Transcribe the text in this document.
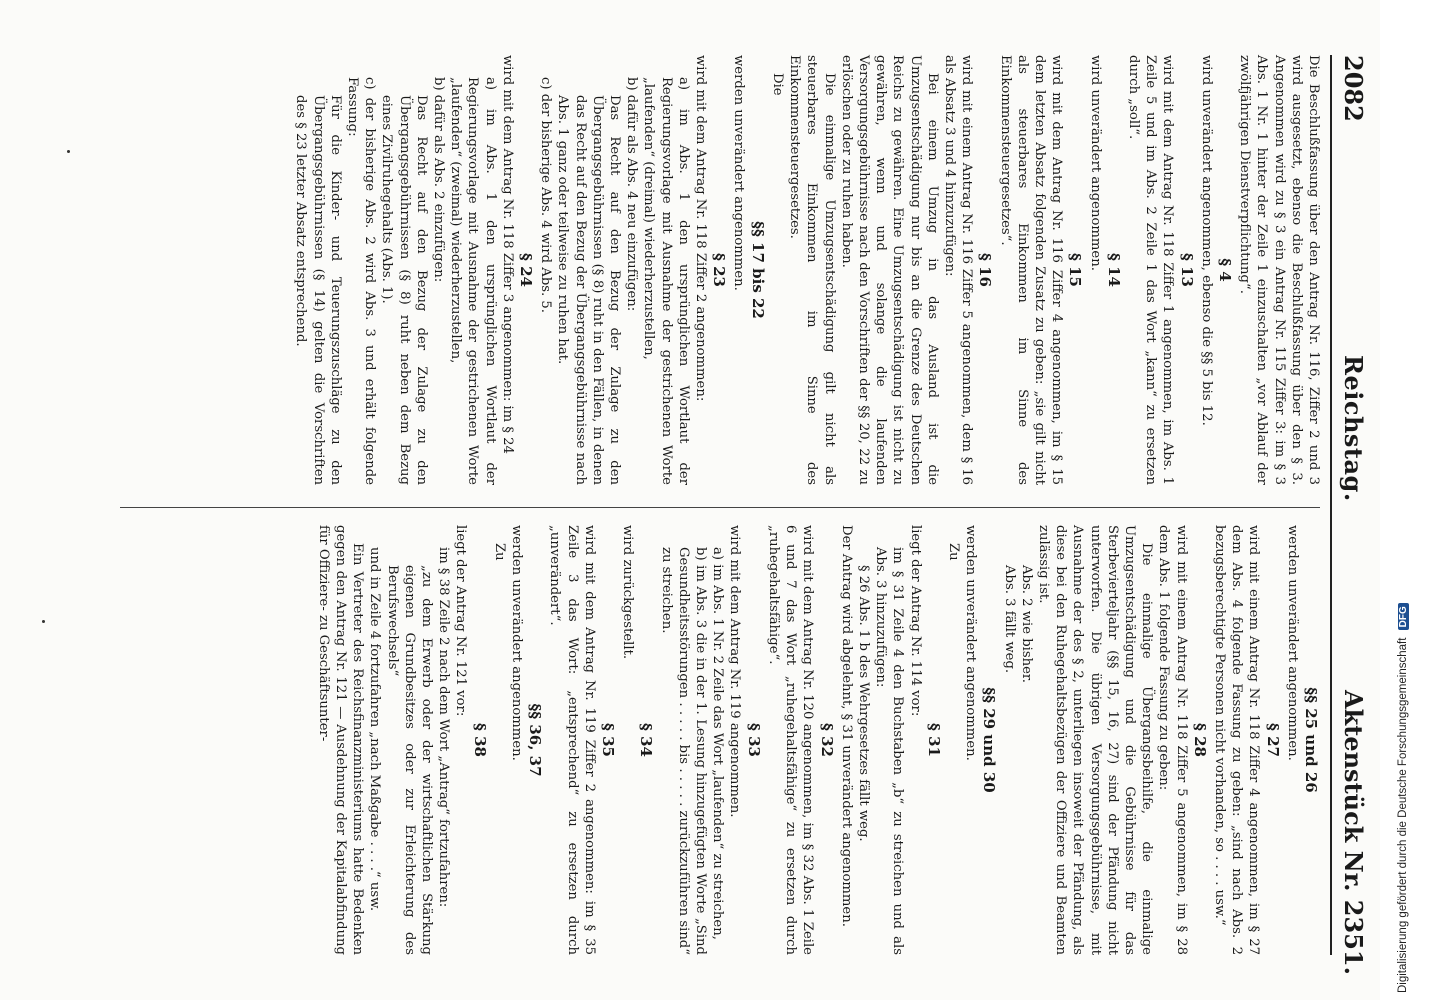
2082
Reichstag.
Aktenstück Nr. 2351.

Die Beschlußfassung über den Antrag Nr. 116, Ziffer 2 und 3 wird ausgesetzt, ebenso die Beschlußfassung über den § 3. Angenommen wird zu § 3 ein Antrag Nr. 115 Ziffer 3: im § 3 Abs. 1 Nr. 1 hinter der Zeile 1 einzuschalten „vor Ablauf der zwölfjährigen Dienstverpflichtung“.

§ 4

wird unverändert angenommen, ebenso die §§ 5 bis 12.

§ 13

wird mit dem Antrag Nr. 118 Ziffer 1 angenommen, im Abs. 1 Zeile 5 und im Abs. 2 Zeile 1 das Wort „kann“ zu ersetzen durch „soll“.

§ 14

wird unverändert angenommen.

§ 15

wird mit dem Antrag Nr. 116 Ziffer 4 angenommen, im § 15 dem letzten Absatz folgenden Zusatz zu geben: „sie gilt nicht als steuerbares Einkommen im Sinne des Einkommensteuergesetzes“.

§ 16

wird mit einem Antrag Nr. 116 Ziffer 5 angenommen, dem § 16 als Absatz 3 und 4 hinzuzufügen:

Bei einem Umzug in das Ausland ist die Umzugsentschädigung nur bis an die Grenze des Deutschen Reichs zu gewähren. Eine Umzugsentschädigung ist nicht zu gewähren, wenn und solange die laufenden Versorgungsgebührnisse nach den Vorschriften der §§ 20, 22 zu erlöschen oder zu ruhen haben.

Die einmalige Umzugsentschädigung gilt nicht als steuerbares Einkommen im Sinne des Einkommensteuergesetzes.

Die

§§ 17 bis 22

werden unverändert angenommen.

§ 23

wird mit dem Antrag Nr. 118 Ziffer 2 angenommen:

a) im Abs. 1 den ursprünglichen Wortlaut der Regierungsvorlage mit Ausnahme der gestrichenen Worte „laufenden“ (dreimal) wiederherzustellen,

b) dafür als Abs. 4 neu einzufügen:

Das Recht auf den Bezug der Zulage zu den Übergangsgebührnissen (§ 8) ruht in den Fällen, in denen das Recht auf den Bezug der Übergangsgebührnisse nach Abs. 1 ganz oder teilweise zu ruhen hat.

c) der bisherige Abs. 4 wird Abs. 5.

§ 24

wird mit dem Antrag Nr. 118 Ziffer 3 angenommen: im § 24

a) im Abs. 1 den ursprünglichen Wortlaut der Regierungsvorlage mit Ausnahme der gestrichenen Worte „laufenden“ (zweimal) wiederherzustellen,

b) dafür als Abs. 2 einzufügen:

Das Recht auf den Bezug der Zulage zu den Übergangsgebührnissen (§ 8) ruht neben dem Bezug eines Zivilruhegehalts (Abs. 1).

c) der bisherige Abs. 2 wird Abs. 3 und erhält folgende Fassung:

Für die Kinder- und Teuerungszuschläge zu den Übergangsgebührnissen (§ 14) gelten die Vorschriften des § 23 letzter Absatz entsprechend.

§§ 25 und 26

werden unverändert angenommen.

§ 27

wird mit einem Antrag Nr. 118 Ziffer 4 angenommen, im § 27 dem Abs. 4 folgende Fassung zu geben: „sind nach Abs. 2 bezugsberechtigte Personen nicht vorhanden, so . . . . usw.“

§ 28

wird mit einem Antrag Nr. 118 Ziffer 5 angenommen, im § 28 dem Abs. 1 folgende Fassung zu geben:

Die einmalige Übergangsbeihilfe, die einmalige Umzugsentschädigung und die Gebührnisse für das Sterbevierteljahr (§§ 15, 16, 27) sind der Pfändung nicht unterworfen. Die übrigen Versorgungsgebührnisse, mit Ausnahme der des § 2, unterliegen insoweit der Pfändung, als diese bei den Ruhegehaltsbezügen der Offiziere und Beamten zulässig ist.

Abs. 2 wie bisher.

Abs. 3 fällt weg.

§§ 29 und 30

werden unverändert angenommen.

Zu

§ 31

liegt der Antrag Nr. 114 vor:

im § 31 Zeile 4 den Buchstaben „b“ zu streichen und als Abs. 3 hinzuzufügen:

§ 26 Abs. 1 b des Wehrgesetzes fällt weg.

Der Antrag wird abgelehnt, § 31 unverändert angenommen.

§ 32

wird mit dem Antrag Nr. 120 angenommen, im § 32 Abs. 1 Zeile 6 und 7 das Wort „ruhegehaltsfähige“ zu ersetzen durch „ruhegehaltsfähige“.

§ 33

wird mit dem Antrag Nr. 119 angenommen.

a) im Abs. 1 Nr. 2 Zeile das Wort „laufenden“ zu streichen,

b) im Abs. 3 die in der 1. Lesung hinzugefügten Worte „Sind Gesundheitsstörungen . . . . . bis . . . . . zurückzuführen sind“ zu streichen.

§ 34

wird zurückgestellt.

§ 35

wird mit dem Antrag Nr. 119 Ziffer 2 angenommen: im § 35 Zeile 3 das Wort: „entsprechend“ zu ersetzen durch „unverändert“.

§§ 36, 37

werden unverändert angenommen.

Zu

§ 38

liegt der Antrag Nr. 121 vor:

im § 38 Zeile 2 nach dem Wort „Antrag“ fortzufahren:

„zu dem Erwerb oder der wirtschaftlichen Stärkung eigenen Grundbesitzes oder zur Erleichterung des Berufswechsels“

und in Zeile 4 fortzufahren „nach Maßgabe . . . .“ usw.

Ein Vertreter des Reichsfinanzministeriums hatte Bedenken gegen den Antrag Nr. 121 — Ausdehnung der Kapitalabfindung für Offiziere- zu Geschäftsunter-

Digitalisierung gefördert durch die Deutsche Forschungsgemeinschaft DFG
